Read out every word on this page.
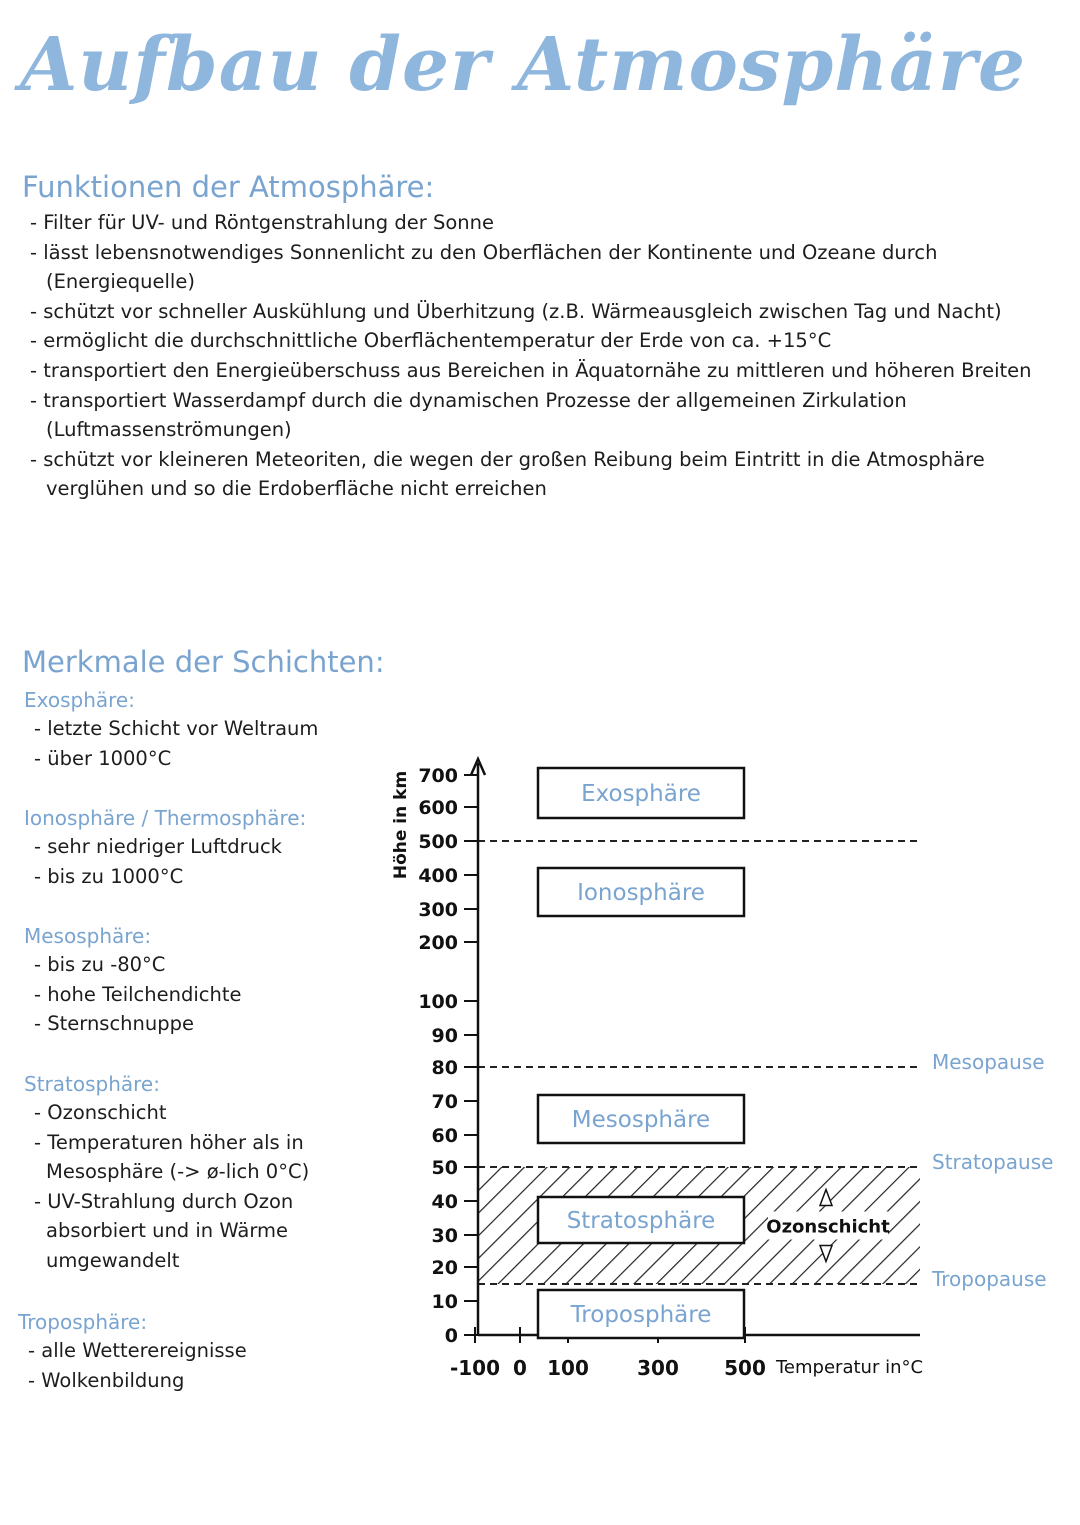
Aufbau der Atmosphäre
Funktionen der Atmosphäre:
- Filter für UV- und Röntgenstrahlung der Sonne
- lässt lebensnotwendiges Sonnenlicht zu den Oberflächen der Kontinente und Ozeane durch (Energiequelle)
- schützt vor schneller Auskühlung und Überhitzung (z.B. Wärmeausgleich zwischen Tag und Nacht)
- ermöglicht die durchschnittliche Oberflächentemperatur der Erde von ca. +15°C
- transportiert den Energieüberschuss aus Bereichen in Äquatornähe zu mittleren und höheren Breiten
- transportiert Wasserdampf durch die dynamischen Prozesse der allgemeinen Zirkulation (Luftmassenströmungen)
- schützt vor kleineren Meteoriten, die wegen der großen Reibung beim Eintritt in die Atmosphäre verglühen und so die Erdoberfläche nicht erreichen
Merkmale der Schichten:
Exosphäre:
- letzte Schicht vor Weltraum
- über 1000°C
Ionosphäre / Thermosphäre:
- sehr niedriger Luftdruck
- bis zu 1000°C
Mesosphäre:
- bis zu -80°C
- hohe Teilchendichte
- Sternschnuppe
Stratosphäre:
- Ozonschicht
- Temperaturen höher als in Mesosphäre (-> ø-lich 0°C)
- UV-Strahlung durch Ozon absorbiert und in Wärme umgewandelt
Troposphäre:
- alle Wetterereignisse
- Wolkenbildung
Mesopause
Stratopause
Tropopause
0
10
20
30
40
50
60
70
80
90
100
200
300
400
500
600
700
-100 0 100 300 500
Höhe in km
Temperatur in°C
Exosphäre
Ionosphäre
Mesosphäre
Stratosphäre
Troposphäre
Ozonschicht
